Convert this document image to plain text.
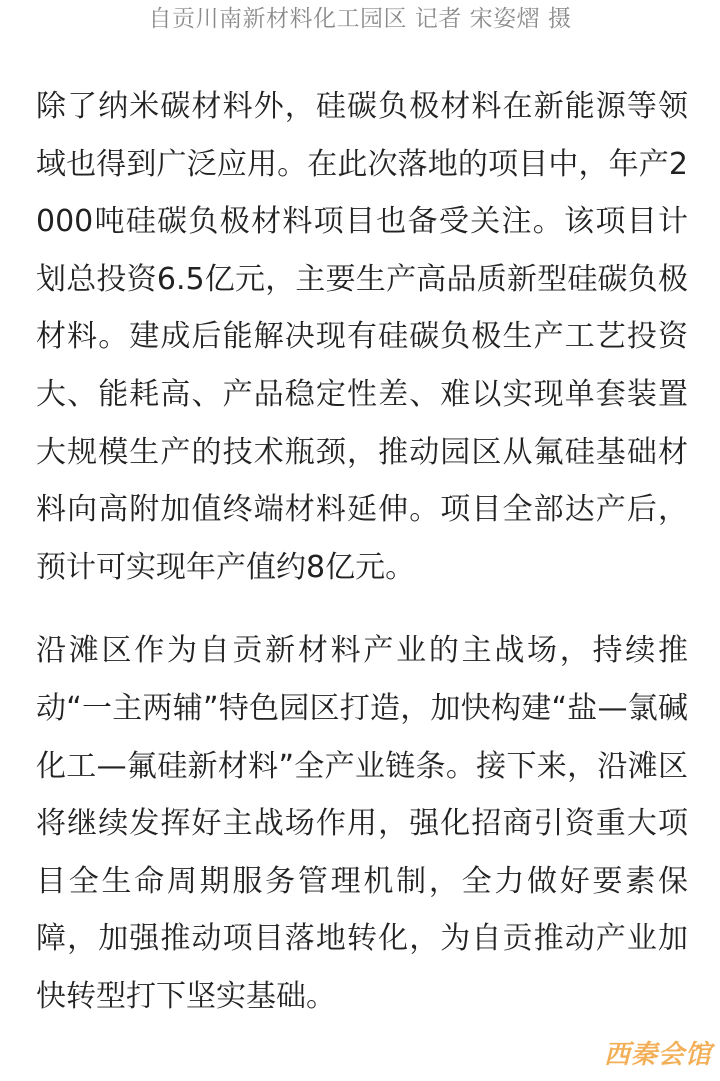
自贡川南新材料化工园区 记者 宋姿熠 摄

除了纳米碳材料外，硅碳负极材料在新能源等领域也得到广泛应用。在此次落地的项目中，年产2000吨硅碳负极材料项目也备受关注。该项目计划总投资6.5亿元，主要生产高品质新型硅碳负极材料。建成后能解决现有硅碳负极生产工艺投资大、能耗高、产品稳定性差、难以实现单套装置大规模生产的技术瓶颈，推动园区从氟硅基础材料向高附加值终端材料延伸。项目全部达产后，预计可实现年产值约8亿元。

沿滩区作为自贡新材料产业的主战场，持续推动“一主两辅”特色园区打造，加快构建“盐—氯碱化工—氟硅新材料”全产业链条。接下来，沿滩区将继续发挥好主战场作用，强化招商引资重大项目全生命周期服务管理机制，全力做好要素保障，加强推动项目落地转化，为自贡推动产业加快转型打下坚实基础。

西秦会馆
